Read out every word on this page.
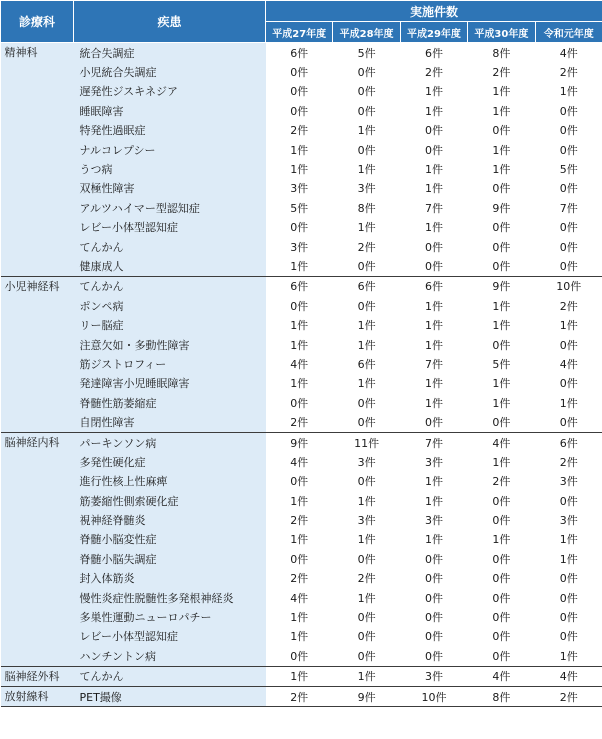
診療科	疾患	実施件数				
		平成27年度	平成28年度	平成29年度	平成30年度	令和元年度
精神科	統合失調症	6件	5件	6件	8件	4件
	小児統合失調症	0件	0件	2件	2件	2件
	遅発性ジスキネジア	0件	0件	1件	1件	1件
	睡眠障害	0件	0件	1件	1件	0件
	特発性過眠症	2件	1件	0件	0件	0件
	ナルコレプシー	1件	0件	0件	1件	0件
	うつ病	1件	1件	1件	1件	5件
	双極性障害	3件	3件	1件	0件	0件
	アルツハイマー型認知症	5件	8件	7件	9件	7件
	レビー小体型認知症	0件	1件	1件	0件	0件
	てんかん	3件	2件	0件	0件	0件
	健康成人	1件	0件	0件	0件	0件
小児神経科	てんかん	6件	6件	6件	9件	10件
	ポンペ病	0件	0件	1件	1件	2件
	リー脳症	1件	1件	1件	1件	1件
	注意欠如・多動性障害	1件	1件	1件	0件	0件
	筋ジストロフィー	4件	6件	7件	5件	4件
	発達障害小児睡眠障害	1件	1件	1件	1件	0件
	脊髄性筋萎縮症	0件	0件	1件	1件	1件
	自閉性障害	2件	0件	0件	0件	0件
脳神経内科	パーキンソン病	9件	11件	7件	4件	6件
	多発性硬化症	4件	3件	3件	1件	2件
	進行性核上性麻痺	0件	0件	1件	2件	3件
	筋萎縮性側索硬化症	1件	1件	1件	0件	0件
	視神経脊髄炎	2件	3件	3件	0件	3件
	脊髄小脳変性症	1件	1件	1件	1件	1件
	脊髄小脳失調症	0件	0件	0件	0件	1件
	封入体筋炎	2件	2件	0件	0件	0件
	慢性炎症性脱髄性多発根神経炎	4件	1件	0件	0件	0件
	多巣性運動ニューロパチー	1件	0件	0件	0件	0件
	レビー小体型認知症	1件	0件	0件	0件	0件
	ハンチントン病	0件	0件	0件	0件	1件
脳神経外科	てんかん	1件	1件	3件	4件	4件
放射線科	PET撮像	2件	9件	10件	8件	2件
